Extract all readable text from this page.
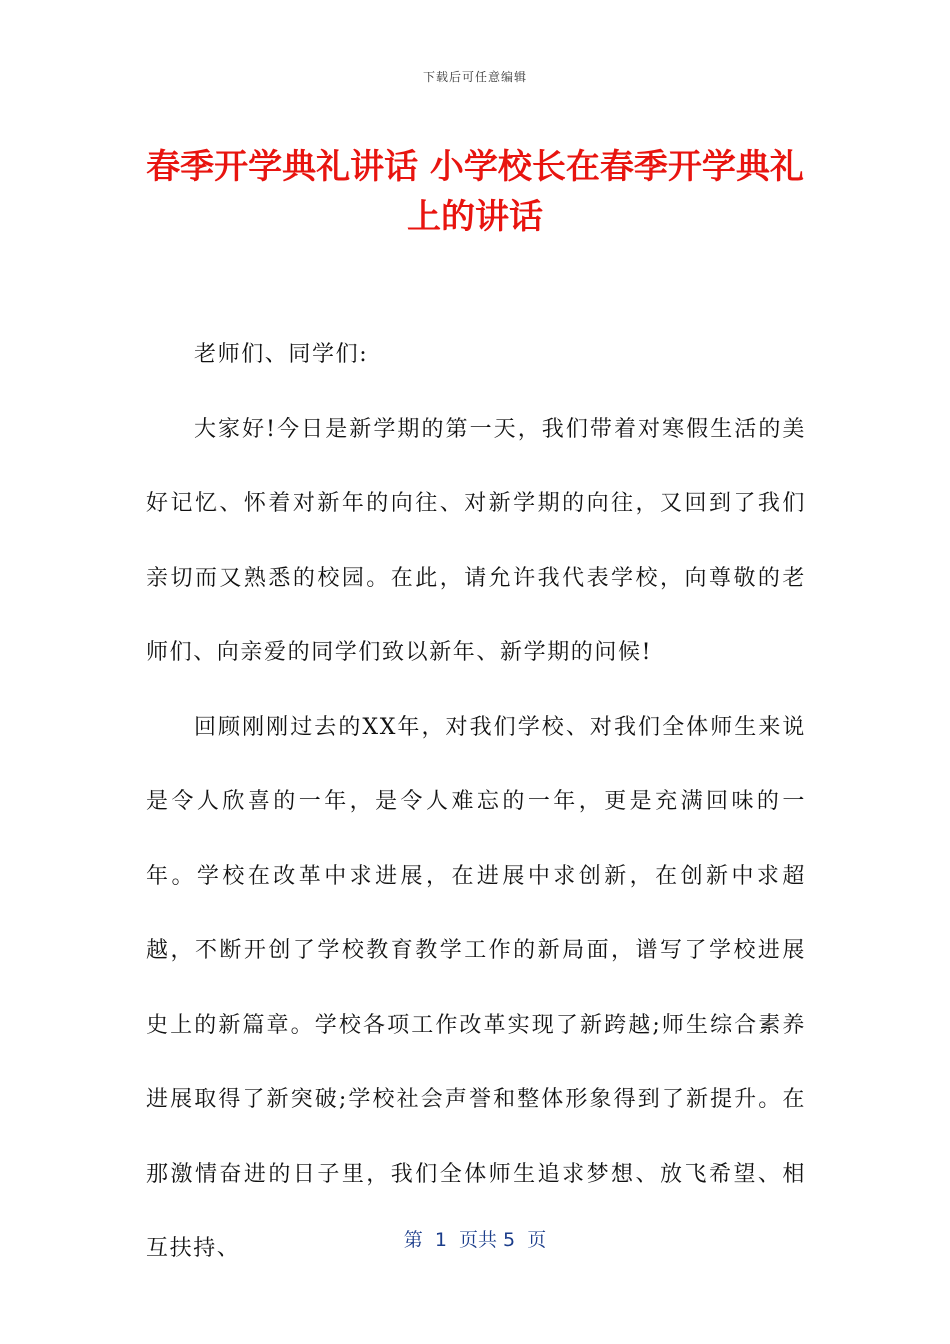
下载后可任意编辑
春季开学典礼讲话 小学校长在春季开学典礼上的讲话

老师们、同学们:

大家好!今日是新学期的第一天，我们带着对寒假生活的美好记忆、怀着对新年的向往、对新学期的向往，又回到了我们亲切而又熟悉的校园。在此，请允许我代表学校，向尊敬的老师们、向亲爱的同学们致以新年、新学期的问候!

回顾刚刚过去的XX年，对我们学校、对我们全体师生来说是令人欣喜的一年，是令人难忘的一年，更是充满回味的一年。学校在改革中求进展，在进展中求创新，在创新中求超越，不断开创了学校教育教学工作的新局面，谱写了学校进展史上的新篇章。学校各项工作改革实现了新跨越;师生综合素养进展取得了新突破;学校社会声誉和整体形象得到了新提升。在那激情奋进的日子里，我们全体师生追求梦想、放飞希望、相互扶持、	第  1  页共 5  页
